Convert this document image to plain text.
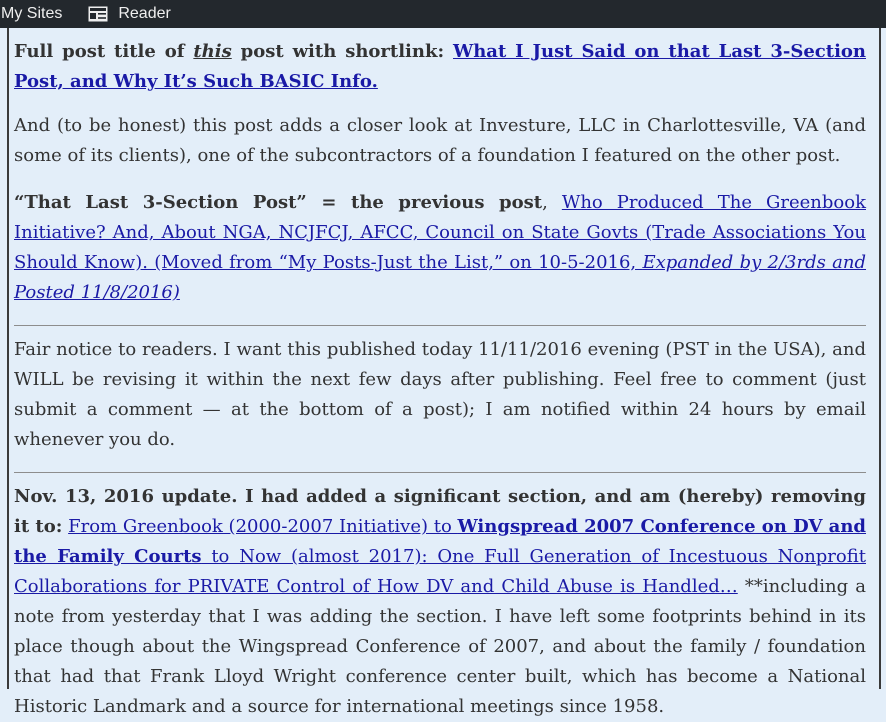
My Sites	Reader

Full post title of this post with shortlink: What I Just Said on that Last 3-Section Post, and Why It’s Such BASIC Info.

And (to be honest) this post adds a closer look at Investure, LLC in Charlottesville, VA (and some of its clients), one of the subcontractors of a foundation I featured on the other post.

“That Last 3-Section Post” = the previous post, Who Produced The Greenbook Initiative? And, About NGA, NCJFCJ, AFCC, Council on State Govts (Trade Associations You Should Know). (Moved from “My Posts-Just the List,” on 10-5-2016, Expanded by 2/3rds and Posted 11/8/2016)

Fair notice to readers. I want this published today 11/11/2016 evening (PST in the USA), and WILL be revising it within the next few days after publishing. Feel free to comment (just submit a comment — at the bottom of a post); I am notified within 24 hours by email whenever you do.

Nov. 13, 2016 update. I had added a significant section, and am (hereby) removing it to: From Greenbook (2000-2007 Initiative) to Wingspread 2007 Conference on DV and the Family Courts to Now (almost 2017): One Full Generation of Incestuous Nonprofit Collaborations for PRIVATE Control of How DV and Child Abuse is Handled… **including a note from yesterday that I was adding the section. I have left some footprints behind in its place though about the Wingspread Conference of 2007, and about the family / foundation that had that Frank Lloyd Wright conference center built, which has become a National Historic Landmark and a source for international meetings since 1958.
